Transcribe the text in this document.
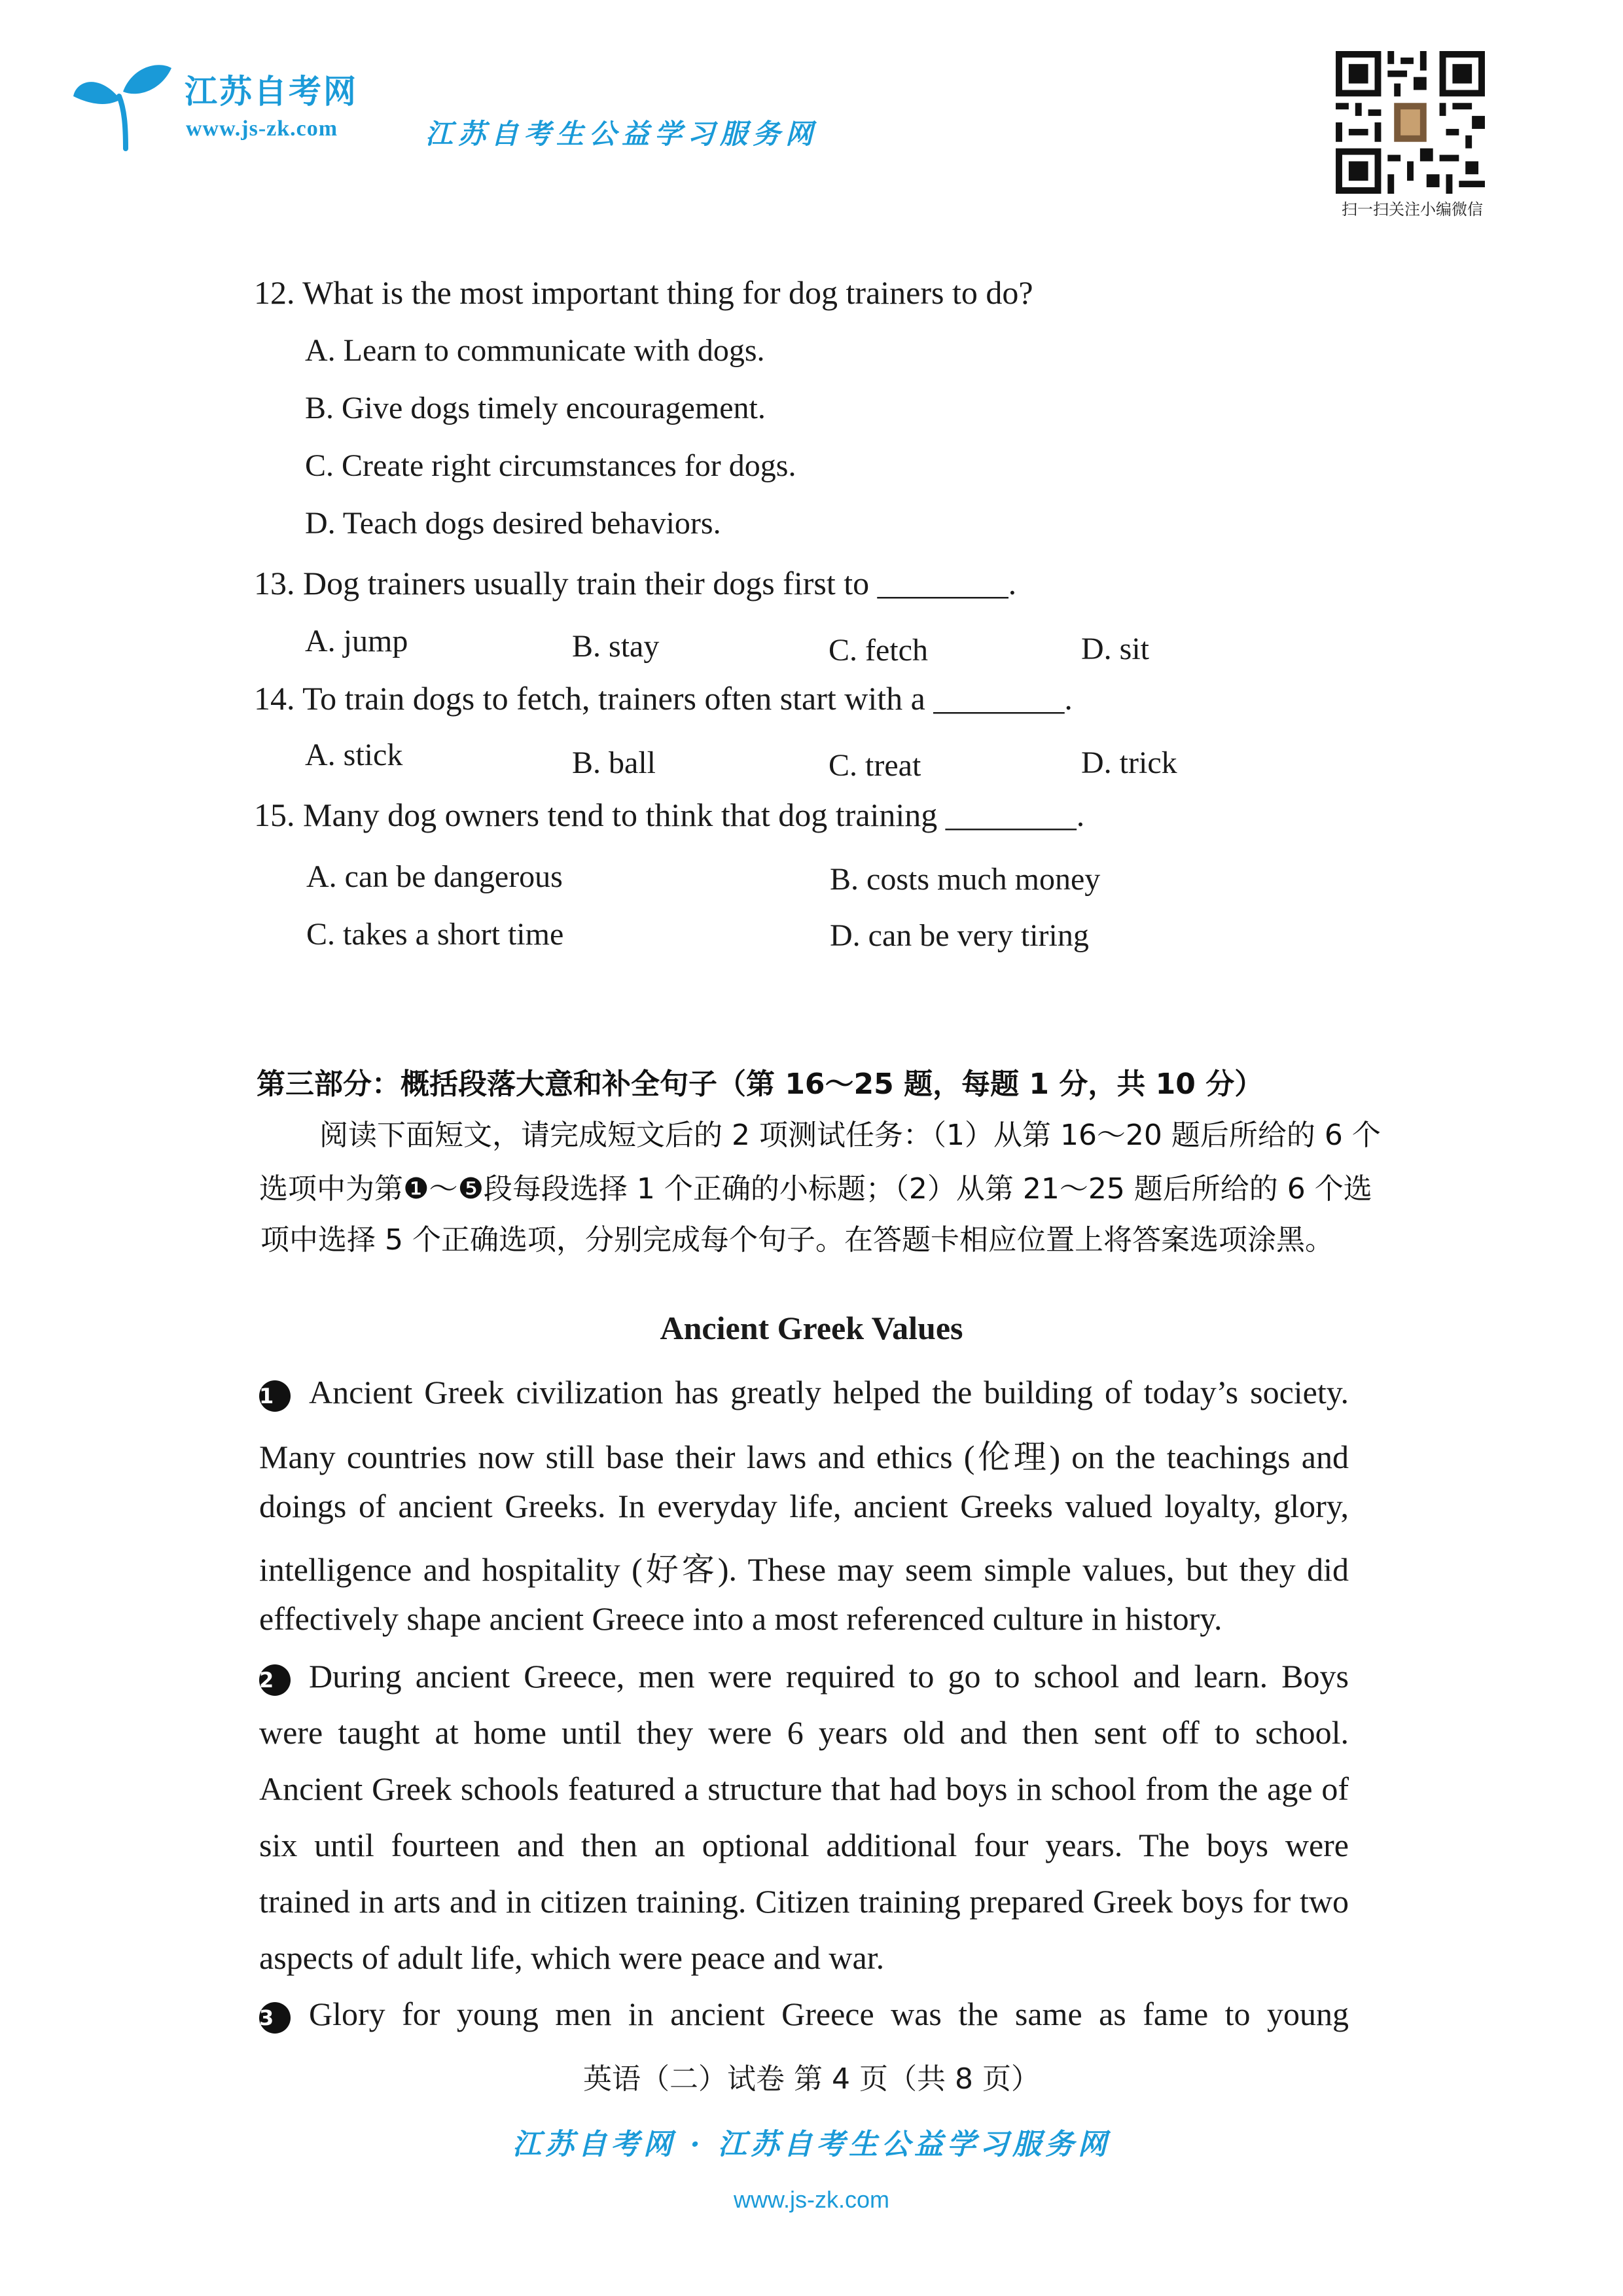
江苏自考网
www.js-zk.com	江苏自考生公益学习服务网
扫一扫关注小编微信
12. What is the most important thing for dog trainers to do?
A. Learn to communicate with dogs.
B. Give dogs timely encouragement.
C. Create right circumstances for dogs.
D. Teach dogs desired behaviors.
13. Dog trainers usually train their dogs first to ________.
A. jump	B. stay	C. fetch	D. sit
14. To train dogs to fetch, trainers often start with a ________.
A. stick	B. ball	C. treat	D. trick
15. Many dog owners tend to think that dog training ________.
A. can be dangerous	B. costs much money
C. takes a short time	D. can be very tiring
第三部分：概括段落大意和补全句子（第 16～25 题，每题 1 分，共 10 分）
阅读下面短文，请完成短文后的 2 项测试任务：（1）从第 16～20 题后所给的 6 个
选项中为第❶～❺段每段选择 1 个正确的小标题；（2）从第 21～25 题后所给的 6 个选
项中选择 5 个正确选项，分别完成每个句子。在答题卡相应位置上将答案选项涂黑。
Ancient Greek Values
1 Ancient Greek civilization has greatly helped the building of today’s society.
Many countries now still base their laws and ethics (伦理) on the teachings and
doings of ancient Greeks. In everyday life, ancient Greeks valued loyalty, glory,
intelligence and hospitality (好客). These may seem simple values, but they did
effectively shape ancient Greece into a most referenced culture in history.
2 During ancient Greece, men were required to go to school and learn. Boys
were taught at home until they were 6 years old and then sent off to school.
Ancient Greek schools featured a structure that had boys in school from the age of
six until fourteen and then an optional additional four years. The boys were
trained in arts and in citizen training. Citizen training prepared Greek boys for two
aspects of adult life, which were peace and war.
3 Glory for young men in ancient Greece was the same as fame to young
英语（二）试卷 第 4 页（共 8 页）
江苏自考网 · 江苏自考生公益学习服务网
www.js-zk.com
